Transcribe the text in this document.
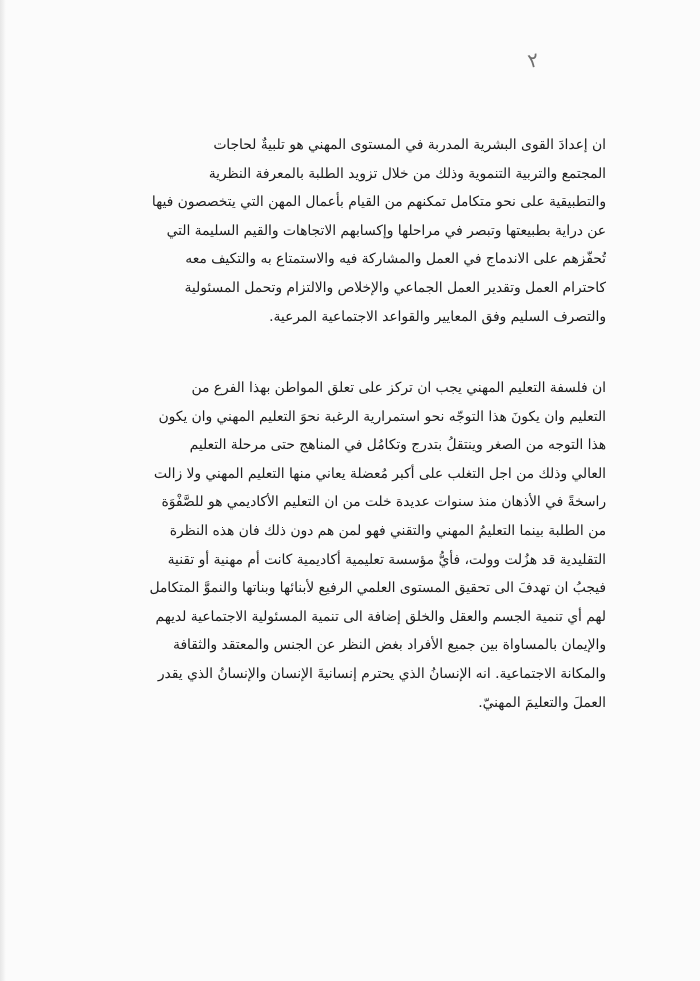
٢
ان إعدادَ القوى البشرية المدربة في المستوى المهني هو تلبيةٌ لحاجات
المجتمع والتربية التنموية وذلك من خلال تزويد الطلبة بالمعرفة النظرية
والتطبيقية على نحو متكامل تمكنهم من القيام بأعمال المهن التي يتخصصون فيها
عن دراية بطبيعتها وتبصر في مراحلها وإكسابهم الاتجاهات والقيم السليمة التي
تُحفّزهم على الاندماج في العمل والمشاركة فيه والاستمتاع به والتكيف معه
كاحترام العمل وتقدير العمل الجماعي والإخلاص والالتزام وتحمل المسئولية
والتصرف السليم وفق المعايير والقواعد الاجتماعية المرعية.
ان فلسفة التعليم المهني يجب ان تركز على تعلق المواطن بهذا الفرع من
التعليم وان يكونَ هذا التوجّه نحو استمرارية الرغبة نحوَ التعليم المهني وان يكون
هذا التوجه من الصغر وينتقلُ بتدرج وتكامُل في المناهج حتى مرحلة التعليم
العالي وذلك من اجل التغلب على أكبر مُعضلة يعاني منها التعليم المهني ولا زالت
راسخةً في الأذهان منذ سنوات عديدة خلت من ان التعليم الأكاديمي هو للصَّفْوَة
من الطلبة بينما التعليمُ المهني والتقني فهو لمن هم دون ذلك فان هذه النظرة
التقليدية قد هزُلت وولت، فأيُّ مؤسسة تعليمية أكاديمية كانت أم مهنية أو تقنية
فيجبُ ان تهدفَ الى تحقيق المستوى العلمي الرفيع لأبنائها وبناتها والنموَّ المتكامل
لهم أي تنمية الجسم والعقل والخلق إضافة الى تنمية المسئولية الاجتماعية لديهم
والإيمان بالمساواة بين جميع الأفراد بغض النظر عن الجنس والمعتقد والثقافة
والمكانة الاجتماعية. انه الإنسانُ الذي يحترم إنسانيةَ الإنسان والإنسانُ الذي يقدر
العملَ والتعليمَ المهنيّ.
